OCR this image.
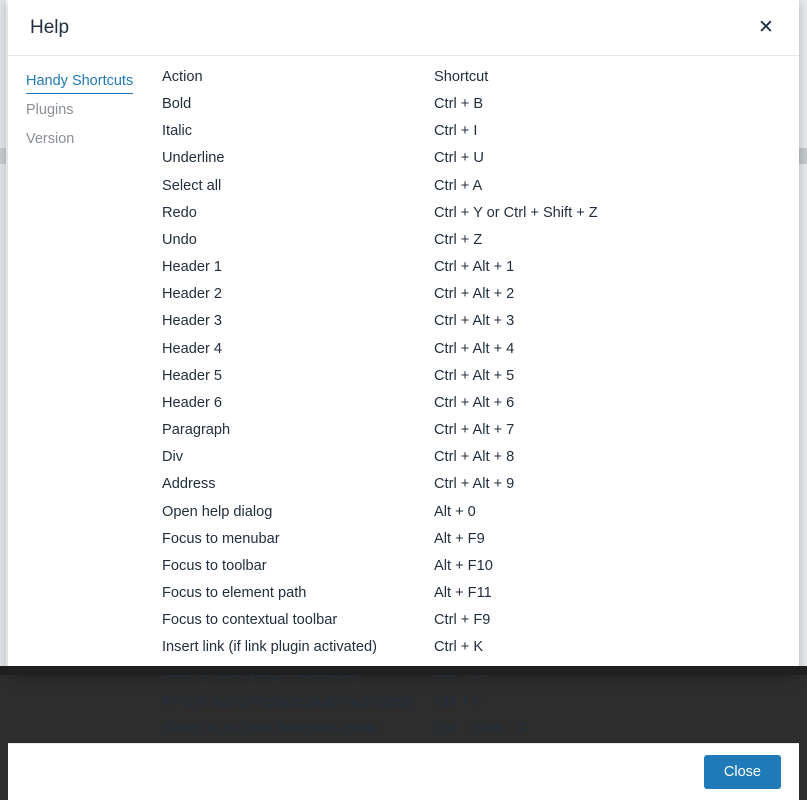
Help	✕
Handy Shortcuts
Plugins
Version
Action	Shortcut
Bold	Ctrl + B
Italic	Ctrl + I
Underline	Ctrl + U
Select all	Ctrl + A
Redo	Ctrl + Y or Ctrl + Shift + Z
Undo	Ctrl + Z
Header 1	Ctrl + Alt + 1
Header 2	Ctrl + Alt + 2
Header 3	Ctrl + Alt + 3
Header 4	Ctrl + Alt + 4
Header 5	Ctrl + Alt + 5
Header 6	Ctrl + Alt + 6
Paragraph	Ctrl + Alt + 7
Div	Ctrl + Alt + 8
Address	Ctrl + Alt + 9
Open help dialog	Alt + 0
Focus to menubar	Alt + F9
Focus to toolbar	Alt + F10
Focus to element path	Alt + F11
Focus to contextual toolbar	Ctrl + F9
Insert link (if link plugin activated)	Ctrl + K

Find (if searchreplace plugin activated)	Ctrl + F
Switch to or from fullscreen mode	Ctrl + Shift + F
Close
